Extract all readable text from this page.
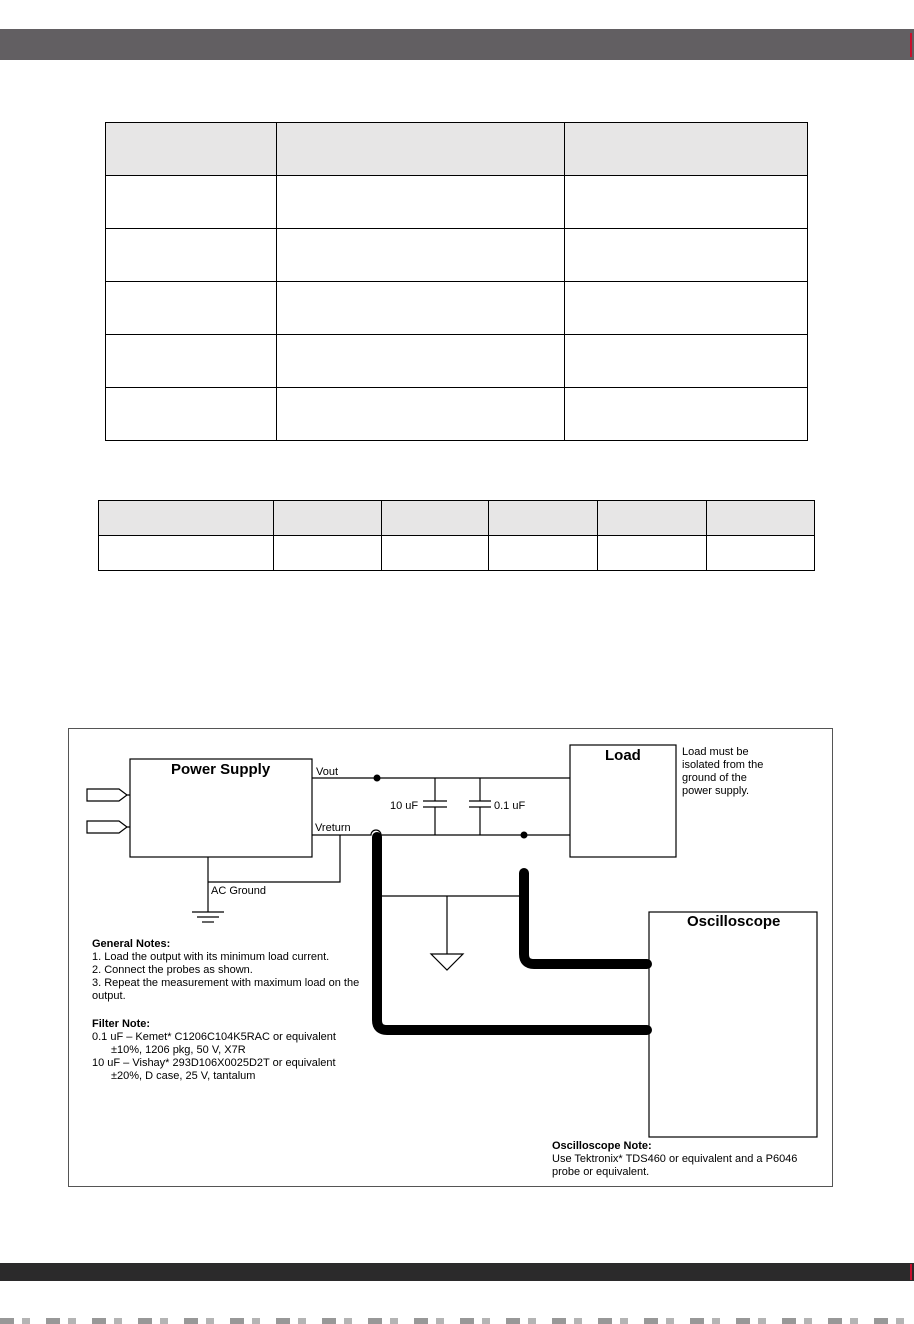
Power Supply	Vout
Vreturn
AC Ground
10 uF	0.1 uF
Load	Load must be
isolated from the
ground of the
power supply.
Oscilloscope
General Notes:
1. Load the output with its minimum load current.
2. Connect the probes as shown.
3. Repeat the measurement with maximum load on the
output.
Filter Note:
0.1 uF – Kemet* C1206C104K5RAC or equivalent
±10%, 1206 pkg, 50 V, X7R
10 uF – Vishay* 293D106X0025D2T or equivalent
±20%, D case, 25 V, tantalum
Oscilloscope Note:
Use Tektronix* TDS460 or equivalent and a P6046
probe or equivalent.
